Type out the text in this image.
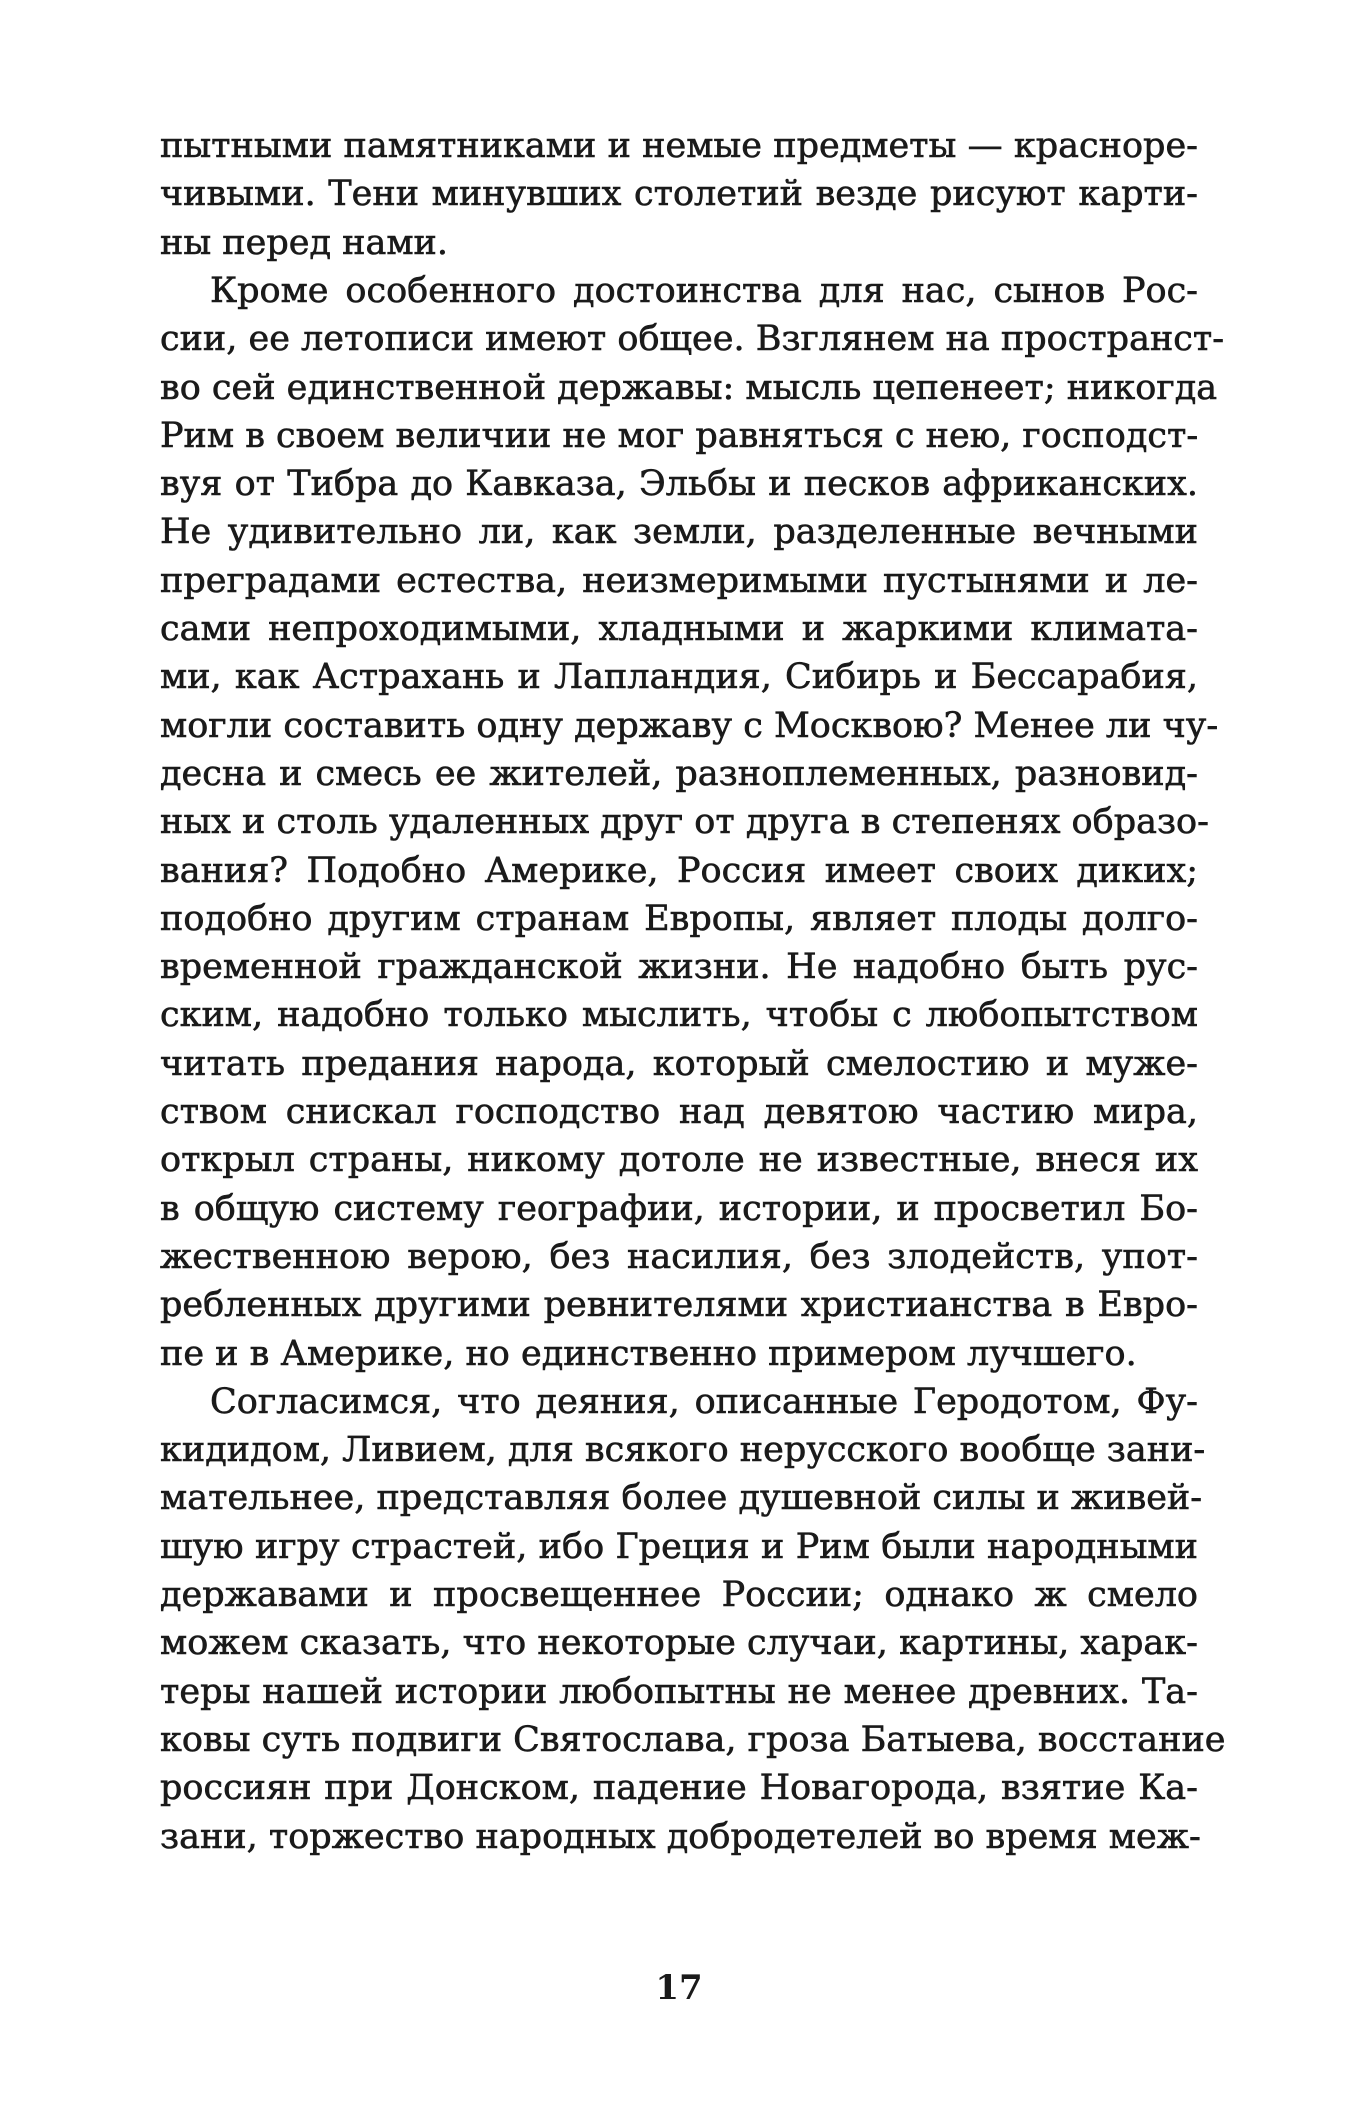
пытными памятниками и немые предметы — красноре-
чивыми. Тени минувших столетий везде рисуют карти-
ны перед нами.
Кроме особенного достоинства для нас, сынов Рос-
сии, ее летописи имеют общее. Взглянем на пространст-
во сей единственной державы: мысль цепенеет; никогда
Рим в своем величии не мог равняться с нею, господст-
вуя от Тибра до Кавказа, Эльбы и песков африканских.
Не удивительно ли, как земли, разделенные вечными
преградами естества, неизмеримыми пустынями и ле-
сами непроходимыми, хладными и жаркими климата-
ми, как Астрахань и Лапландия, Сибирь и Бессарабия,
могли составить одну державу с Москвою? Менее ли чу-
десна и смесь ее жителей, разноплеменных, разновид-
ных и столь удаленных друг от друга в степенях образо-
вания? Подобно Америке, Россия имеет своих диких;
подобно другим странам Европы, являет плоды долго-
временной гражданской жизни. Не надобно быть рус-
ским, надобно только мыслить, чтобы с любопытством
читать предания народа, который смелостию и муже-
ством снискал господство над девятою частию мира,
открыл страны, никому дотоле не известные, внеся их
в общую систему географии, истории, и просветил Бо-
жественною верою, без насилия, без злодейств, упот-
ребленных другими ревнителями христианства в Евро-
пе и в Америке, но единственно примером лучшего.
Согласимся, что деяния, описанные Геродотом, Фу-
кидидом, Ливием, для всякого нерусского вообще зани-
мательнее, представляя более душевной силы и живей-
шую игру страстей, ибо Греция и Рим были народными
державами и просвещеннее России; однако ж смело
можем сказать, что некоторые случаи, картины, харак-
теры нашей истории любопытны не менее древних. Та-
ковы суть подвиги Святослава, гроза Батыева, восстание
россиян при Донском, падение Новагорода, взятие Ка-
зани, торжество народных добродетелей во время меж-
17
